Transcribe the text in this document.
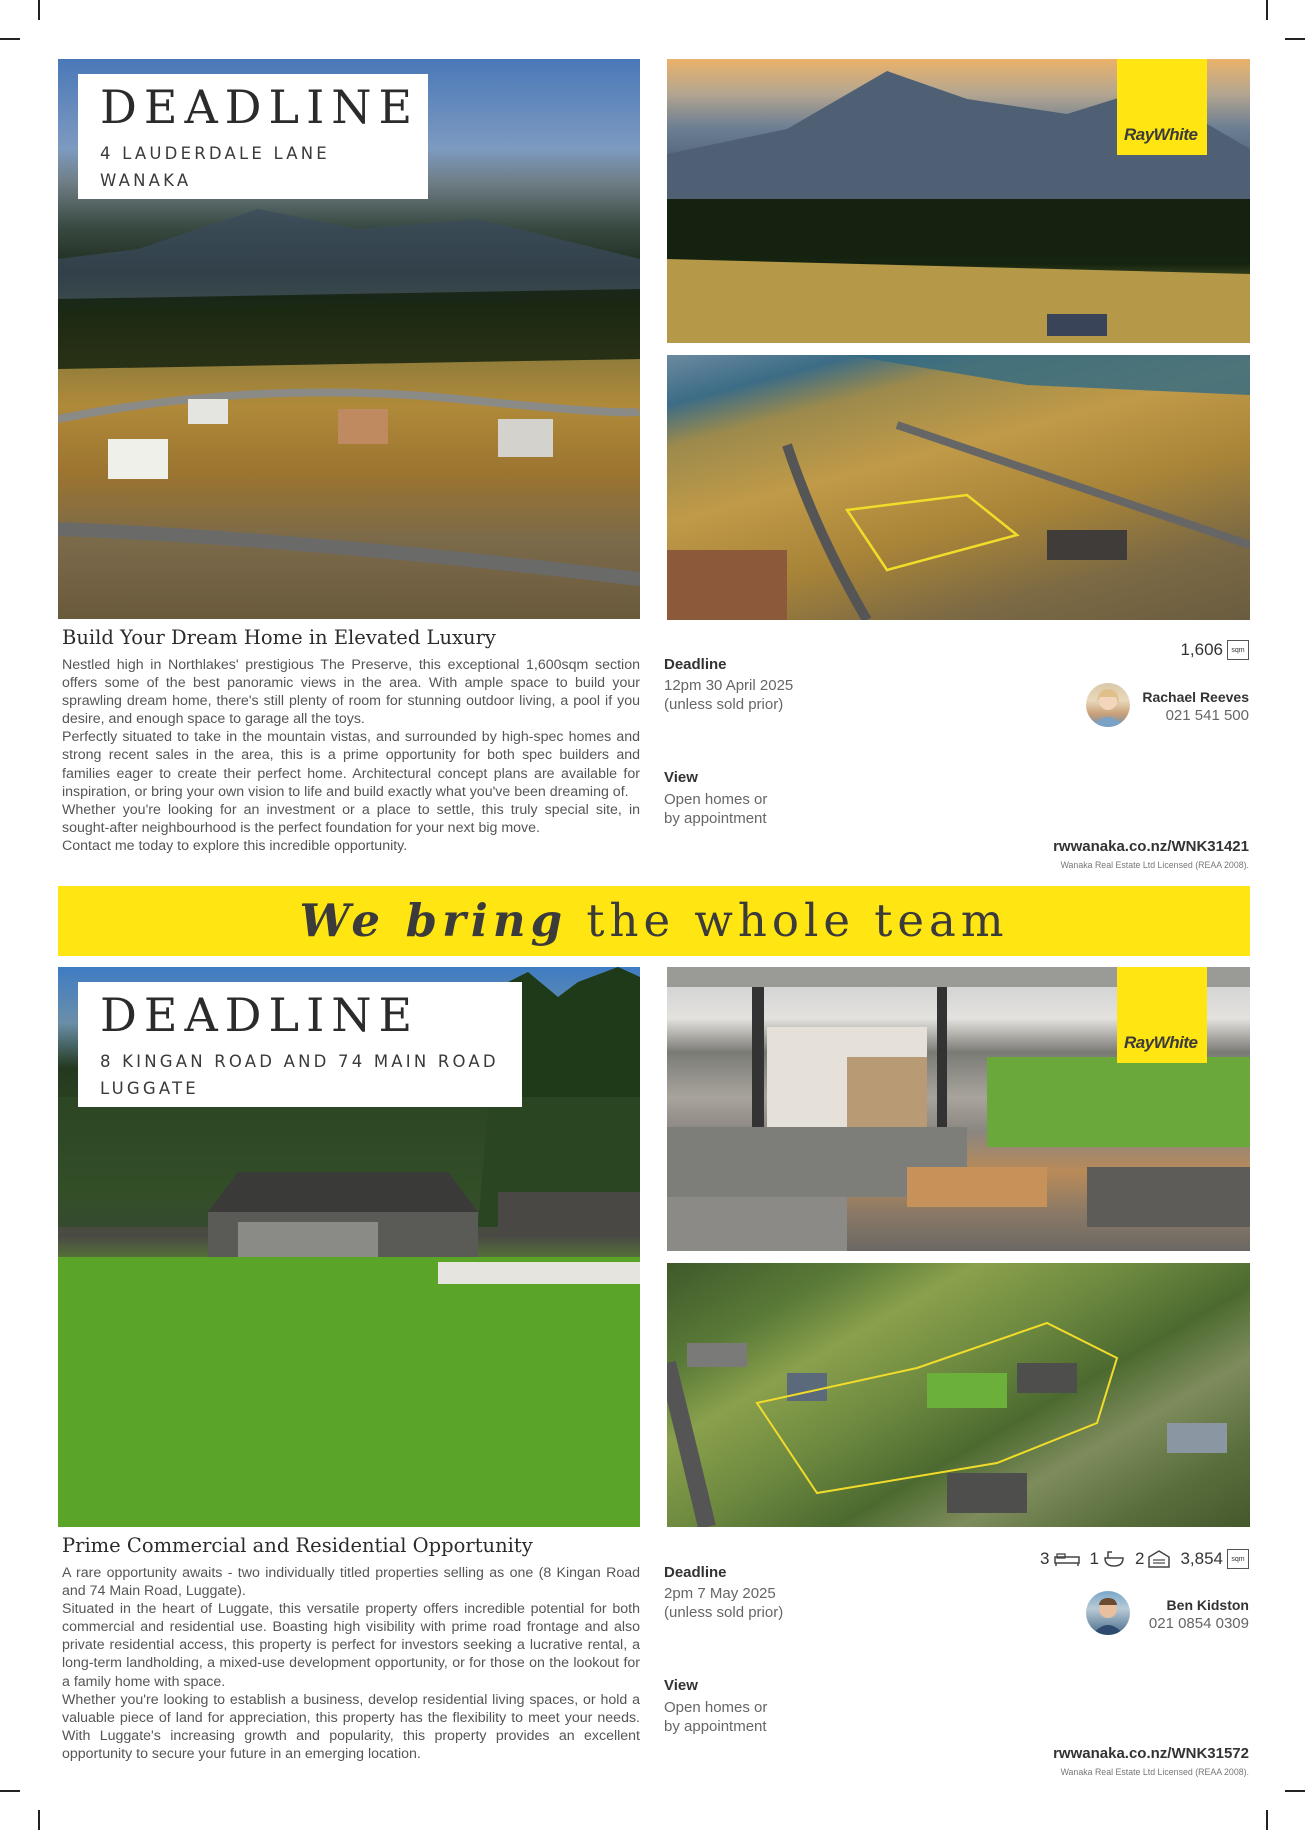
DEADLINE
4 LAUDERDALE LANE
WANAKA
RayWhite
Build Your Dream Home in Elevated Luxury

Nestled high in Northlakes' prestigious The Preserve, this exceptional 1,600sqm section offers some of the best panoramic views in the area. With ample space to build your sprawling dream home, there's still plenty of room for stunning outdoor living, a pool if you desire, and enough space to garage all the toys.

Perfectly situated to take in the mountain vistas, and surrounded by high-spec homes and strong recent sales in the area, this is a prime opportunity for both spec builders and families eager to create their perfect home. Architectural concept plans are available for inspiration, or bring your own vision to life and build exactly what you've been dreaming of.

Whether you're looking for an investment or a place to settle, this truly special site, in sought-after neighbourhood is the perfect foundation for your next big move.

Contact me today to explore this incredible opportunity.

Deadline
12pm 30 April 2025
(unless sold prior)
View
Open homes or
by appointment
1,606	sqm
Rachael Reeves
021 541 500
rwwanaka.co.nz/WNK31421
Wanaka Real Estate Ltd Licensed (REAA 2008).
We bring the whole team
DEADLINE
8 KINGAN ROAD AND 74 MAIN ROAD
LUGGATE
RayWhite
Prime Commercial and Residential Opportunity

A rare opportunity awaits - two individually titled properties selling as one (8 Kingan Road and 74 Main Road, Luggate).

Situated in the heart of Luggate, this versatile property offers incredible potential for both commercial and residential use. Boasting high visibility with prime road frontage and also private residential access, this property is perfect for investors seeking a lucrative rental, a long-term landholding, a mixed-use development opportunity, or for those on the lookout for a family home with space.

Whether you're looking to establish a business, develop residential living spaces, or hold a valuable piece of land for appreciation, this property has the flexibility to meet your needs. With Luggate's increasing growth and popularity, this property provides an excellent opportunity to secure your future in an emerging location.

Deadline
2pm 7 May 2025
(unless sold prior)
View
Open homes or
by appointment
3 1 2 3,854	sqm
Ben Kidston
021 0854 0309
rwwanaka.co.nz/WNK31572
Wanaka Real Estate Ltd Licensed (REAA 2008).
